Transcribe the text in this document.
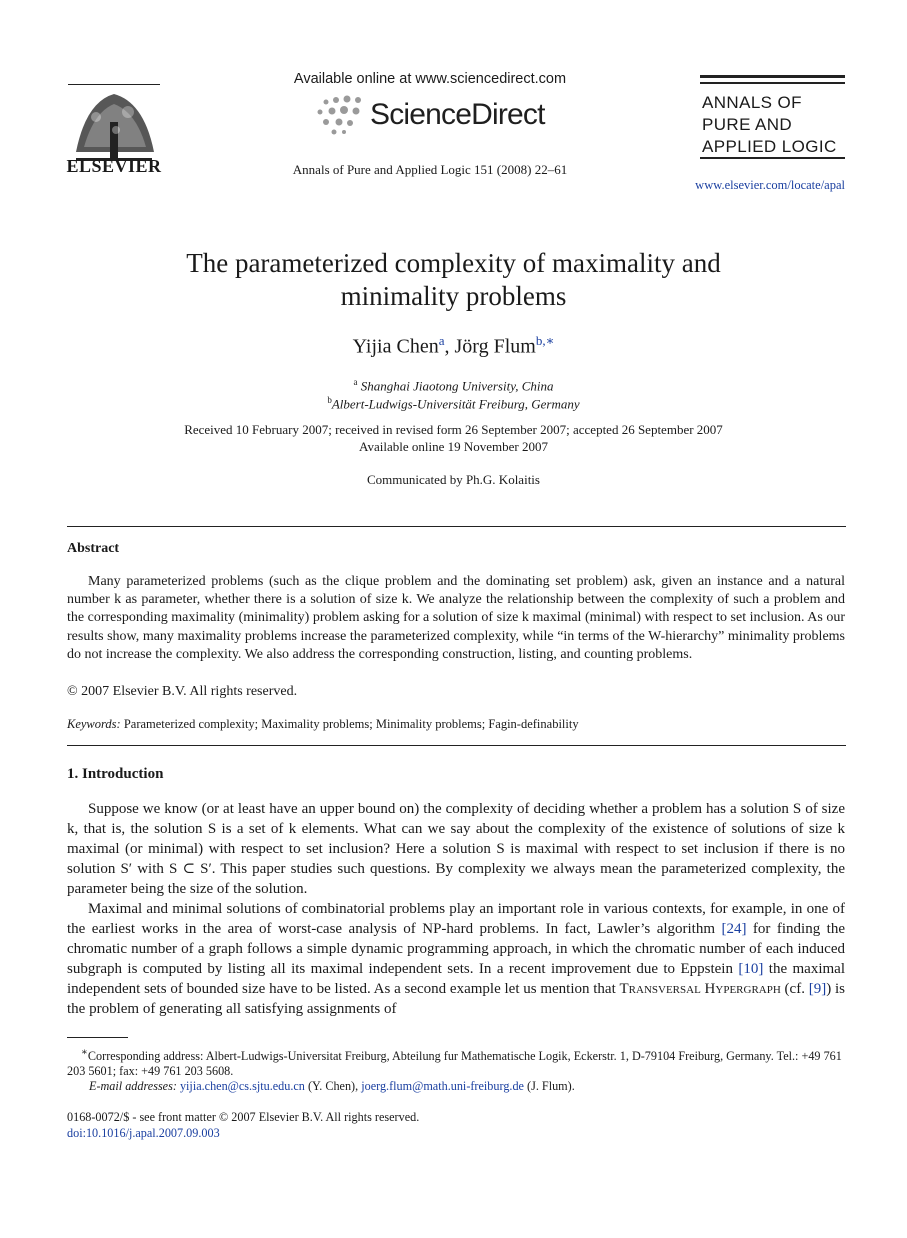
ELSEVIER
Available online at www.sciencedirect.com
ScienceDirect
Annals of Pure and Applied Logic 151 (2008) 22–61
ANNALS OF
PURE AND
APPLIED LOGIC
www.elsevier.com/locate/apal
The parameterized complexity of maximality and
minimality problems
Yijia Chen$^a$, Jörg Flum$^{b,∗}$
$^a$ Shanghai Jiaotong University, China
$^b$Albert-Ludwigs-Universität Freiburg, Germany
Received 10 February 2007; received in revised form 26 September 2007; accepted 26 September 2007
Available online 19 November 2007
Communicated by Ph.G. Kolaitis
Abstract
Many parameterized problems (such as the clique problem and the dominating set problem) ask, given an instance and a natural number k as parameter, whether there is a solution of size k. We analyze the relationship between the complexity of such a problem and the corresponding maximality (minimality) problem asking for a solution of size k maximal (minimal) with respect to set inclusion. As our results show, many maximality problems increase the parameterized complexity, while “in terms of the W-hierarchy” minimality problems do not increase the complexity. We also address the corresponding construction, listing, and counting problems.
© 2007 Elsevier B.V. All rights reserved.
Keywords: Parameterized complexity; Maximality problems; Minimality problems; Fagin-definability
1. Introduction
Suppose we know (or at least have an upper bound on) the complexity of deciding whether a problem has a solution S of size k, that is, the solution S is a set of k elements. What can we say about the complexity of the existence of solutions of size k maximal (or minimal) with respect to set inclusion? Here a solution S is maximal with respect to set inclusion if there is no solution S′ with S ⊂ S′. This paper studies such questions. By complexity we always mean the parameterized complexity, the parameter being the size of the solution.
Maximal and minimal solutions of combinatorial problems play an important role in various contexts, for example, in one of the earliest works in the area of worst-case analysis of NP-hard problems. In fact, Lawler’s algorithm [24] for finding the chromatic number of a graph follows a simple dynamic programming approach, in which the chromatic number of each induced subgraph is computed by listing all its maximal independent sets. In a recent improvement due to Eppstein [10] the maximal independent sets of bounded size have to be listed. As a second example let us mention that Transversal Hypergraph (cf. [9]) is the problem of generating all satisfying assignments of
∗Corresponding address: Albert-Ludwigs-Universitat Freiburg, Abteilung fur Mathematische Logik, Eckerstr. 1, D-79104 Freiburg, Germany. Tel.: +49 761 203 5601; fax: +49 761 203 5608.
E-mail addresses: yijia.chen@cs.sjtu.edu.cn (Y. Chen), joerg.flum@math.uni-freiburg.de (J. Flum).
0168-0072/$ - see front matter © 2007 Elsevier B.V. All rights reserved.
doi:10.1016/j.apal.2007.09.003
